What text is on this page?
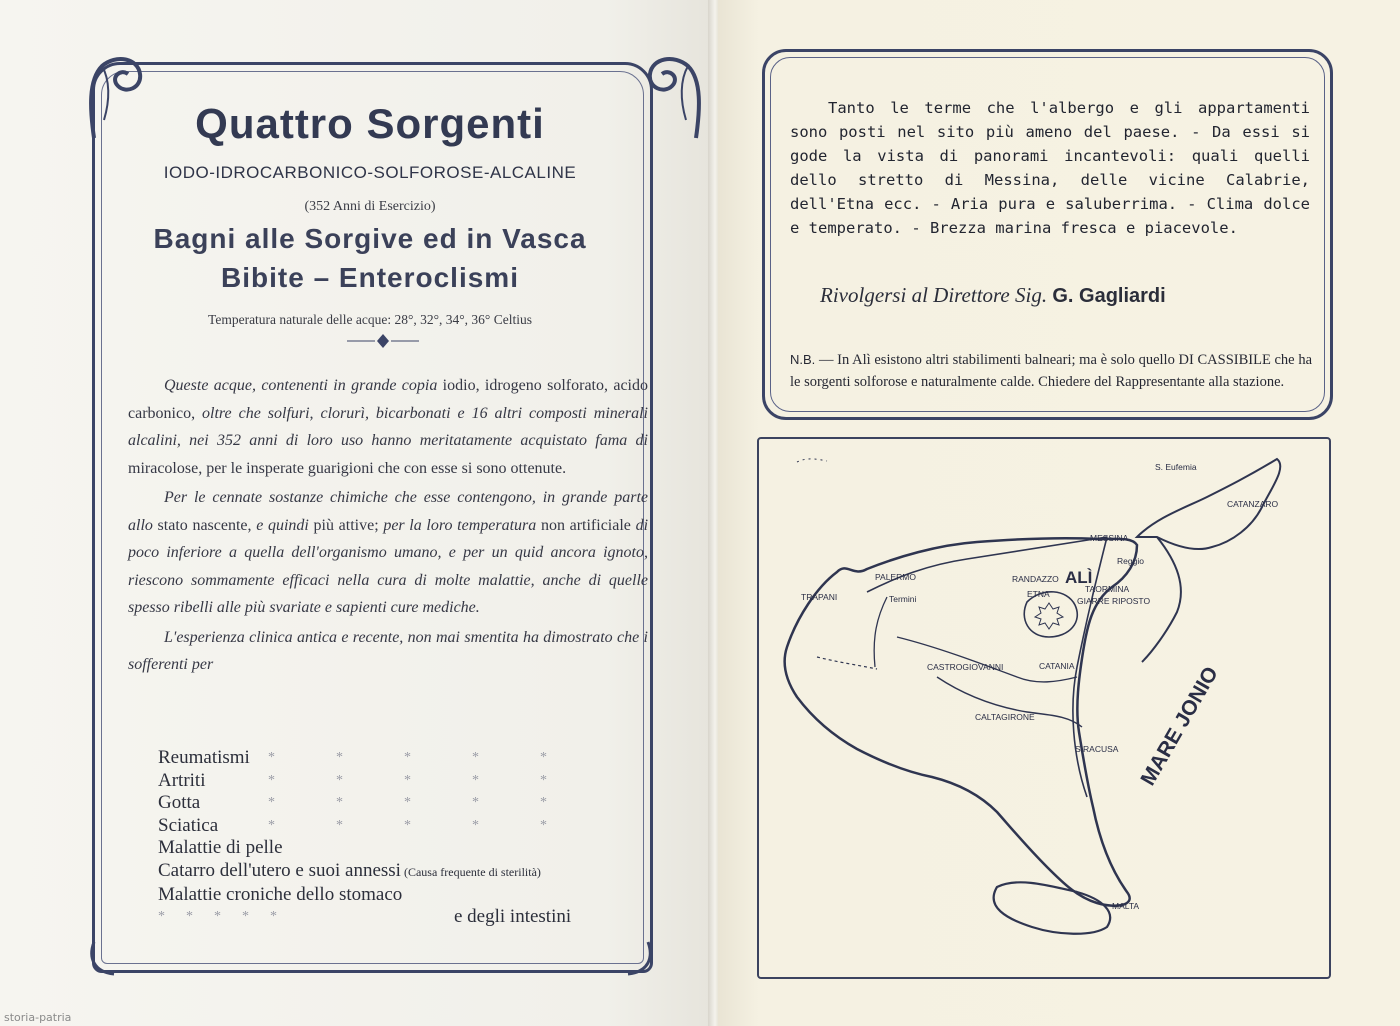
Quattro Sorgenti
IODO-IDROCARBONICO-SOLFOROSE-ALCALINE
(352 Anni di Esercizio)
Bagni alle Sorgive ed in Vasca
Bibite – Enteroclismi
Temperatura naturale delle acque: 28°, 32°, 34°, 36° Celtius

Queste acque, contenenti in grande copia iodio, idrogeno solforato, acido carbonico, oltre che solfuri, clorurì, bicarbonati e 16 altri composti minerali alcalini, nei 352 anni di loro uso hanno meritatamente acquistato fama di miracolose, per le insperate guarigioni che con esse si sono ottenute.

Per le cennate sostanze chimiche che esse contengono, in grande parte allo stato nascente, e quindi più attive; per la loro temperatura non artificiale di poco inferiore a quella dell'organismo umano, e per un quid ancora ignoto, riescono sommamente efficaci nella cura di molte malattie, anche di quelle spesso ribelli alle più svariate e sapienti cure mediche.

L'esperienza clinica antica e recente, non mai smentita ha dimostrato che i sofferenti per

Reumatismi *	*	*	*	*
Artriti	*	*	*	*	*
Gotta	*	*	*	*	*
Sciatica	*	*	*	*	*
Malattie di pelle
Catarro dell'utero e suoi annessi (Causa frequente di sterilità)
Malattie croniche dello stomaco
* * * * *	e degli intestini

Tanto le terme che l'albergo e gli appartamenti sono posti nel sito più ameno del paese. - Da essi si gode la vista di panorami incantevoli: quali quelli dello stretto di Messina, delle vicine Calabrie, dell'Etna ecc. - Aria pura e saluberrima. - Clima dolce e temperato. - Brezza marina fresca e piacevole.

Rivolgersi al Direttore Sig. G. Gagliardi

N.B. — In Alì esistono altri stabilimenti balneari; ma è solo quello DI CASSIBILE che ha le sorgenti solforose e naturalmente calde. Chiedere del Rappresentante alla stazione.

S. Eufemia
CATANZARO
MESSINA
PALERMO
TRAPANI	Termini
Reggio
ALÌ
TAORMINA
RANDAZZO
ETNA
GIARRE RIPOSTO
CATANIA
CASTROGIOVANNI
CALTAGIRONE
SIRACUSA
MALTA
MARE JONIO

storia-patria
